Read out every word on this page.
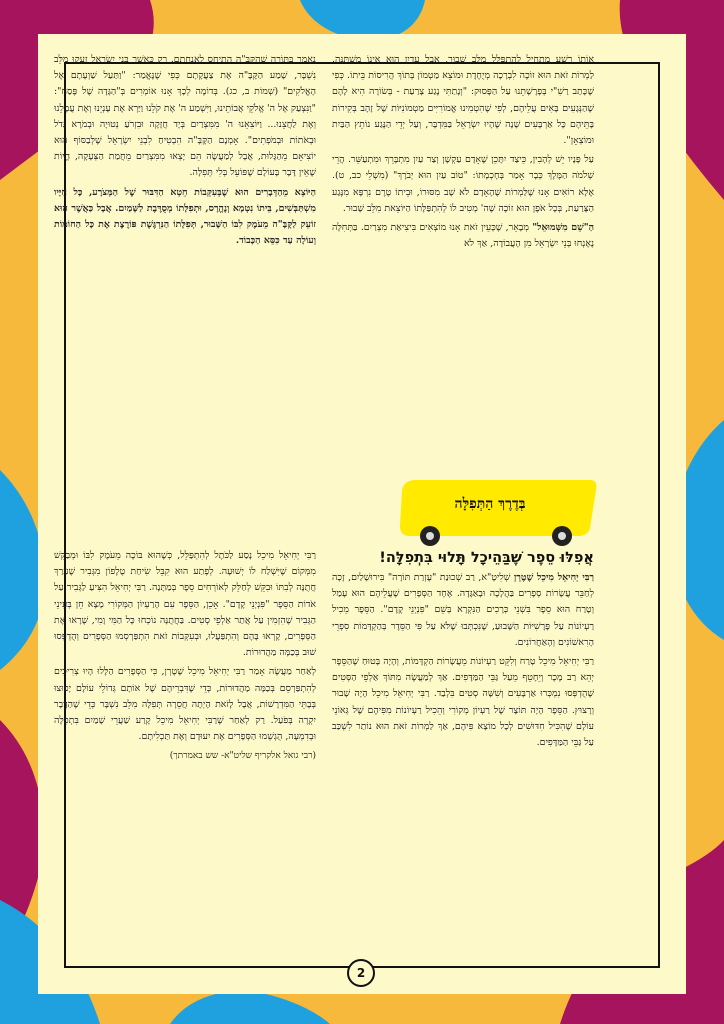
אוֹתוֹ רָשָׁע מַתְחִיל לְהִתְפַּלֵּל מִלֵּב שָׁבוּר, אֲבָל עֲדַיִן הוּא אֵינוֹ מִשְׁתַּנֶּה. לַמְרוֹת זֹאת הוּא זוֹכֶה לִבְרָכָה מְיֻחֶדֶת וּמוֹצֵא מַטְמוֹן בְּתוֹךְ הֲרִיסוֹת בֵּיתוֹ. כְּפִי שֶׁכָּתַב רַשִׁ"י בְּפָרָשָׁתֵנוּ עַל הַפָּסוּק: "וְנָתַתִּי נֶגַע צָרַעַת - בְּשׂוֹרָה הִיא לָהֶם שֶׁהַנְּגָעִים בָּאִים עֲלֵיהֶם, לְפִי שֶׁהִטְמִינוּ אֱמוֹרִיִּים מַטְמוֹנִיּוֹת שֶׁל זָהָב בְּקִירוֹת בָּתֵּיהֶם כָּל אַרְבָּעִים שָׁנָה שֶׁהָיוּ יִשְׂרָאֵל בַּמִּדְבָּר, וְעַל יְדֵי הַנֶּגַע נוֹתֵץ הַבַּיִת וּמוֹצְאָן".

עַל פָּנָיו יֵשׁ לְהָבִין, כֵּיצַד יִתָּכֵן שֶׁאָדָם עַקְשָׁן וְצַר עַיִן מִתְבָּרֵךְ וּמִתְעַשֵּׁר. הֲרֵי שְׁלֹמֹה הַמֶּלֶךְ כְּבָר אָמַר בְּחָכְמָתוֹ: "טוֹב עַיִן הוּא יְבֹרָךְ" (מִשְׁלֵי כב, ט). אֶלָּא רוֹאִים אָנוּ שֶׁלַּמְרוֹת שֶׁהָאָדָם לֹא שָׁב מִסּוּרוֹ, וּבֵיתוֹ טֶרֶם נִרְפָּא מִנֶּגַע הַצָּרַעַת, בְּכָל אֹפֶן הוּא זוֹכֶה שֶׁה' מְטִיב לוֹ לְהִתְפַּלָּתוֹ הַיּוֹצֵאת מִלֵּב שָׁבוּר.

הַ"שֵׁם מִשְּׁמוּאֵל" מְבָאֵר, שֶׁכָּעֵין זֹאת אָנוּ מוֹצְאִים בִּיצִיאַת מִצְרַיִם. בַּתְּחִלָּה נֶאֶנְחוּ בְּנֵי יִשְׂרָאֵל מִן הָעֲבוֹדָה, אַךְ לֹא

נֶאֱמַר בַּתּוֹרָה שֶׁהַקָּבָּ"ה הִתְיַחֵס לְאַנְחָתָם. רַק כַּאֲשֶׁר בְּנֵי יִשְׂרָאֵל זָעֲקוּ מִלֵּב נִשְׁבָּר, שָׁמַע הַקָּבָּ"ה אֶת צַעֲקָתָם כְּפִי שֶׁנֶּאֱמַר: "וַתַּעַל שַׁוְעָתָם אֶל הָאֱלֹקִים" (שְׁמוֹת ב, כג). בְּדוֹמֶה לְכָךְ אָנוּ אוֹמְרִים בְּ"הַגָּדָה שֶׁל פֶּסַח": "וַנִּצְעַק אֶל ה' אֱלֹקֵי אֲבוֹתֵינוּ, וַיִּשְׁמַע ה' אֶת קֹלֵנוּ וַיַּרְא אֶת עָנְיֵנוּ וְאֶת עֲמָלֵנוּ וְאֶת לַחֲצֵנוּ... וַיּוֹצִאֵנוּ ה' מִמִּצְרַיִם בְּיָד חֲזָקָה וּבִזְרֹעַ נְטוּיָה וּבְמֹרָא גָּדֹל וּבְאֹתוֹת וּבְמֹפְתִים". אָמְנָם הַקָּבָּ"ה הִבְטִיחַ לִבְנֵי יִשְׂרָאֵל שֶׁלְּבַסּוֹף הוּא יוֹצִיאָם מֵהַגָּלוּת, אֲבָל לְמַעֲשֶׂה הֵם יָצְאוּ מִמִּצְרַיִם מֵחֲמַת הַצְּעָקָה, הֱיוֹת שֶׁאֵין דָּבָר בָּעוֹלָם שֶׁפּוֹעֵל בְּלִי תְּפִלָּה.

הַיּוֹצֵא מֵהַדְּבָרִים הוּא שֶׁבְּעִקְּבוֹת חֵטְא הַדִּבּוּר שֶׁל הַמְּצֹרָע, כָּל חַיָּיו מִשְׁתַּבְּשִׁים, בֵּיתוֹ נִטְמָא וְנֶהֱרָס, וּתְפִלָּתוֹ מְסֻרֶּבֶת לַשָּׁמַיִם. אֲבָל כַּאֲשֶׁר הוּא זוֹעֵק לַקָּבָּ"ה מֵעֹמֶק לִבּוֹ הַשָּׁבוּר, תְּפִלָּתוֹ הַנִּרְגֶּשֶׁת פּוֹרֶצֶת אֶת כָּל הַחוֹמוֹת וְעוֹלָה עַד כִּסֵּא הַכָּבוֹד.

בְּדֶרֶךְ הַתְּפִלָּה
אֲפִלּוּ סֵפֶר שֶׁבַּהֵיכָל תָּלוּי בִּתְפִלָּה!

רַבִּי יְחִיאֵל מִיכֵל שֶׁטֶרְן שְׁלִיטָ"א, רַב שְׁכוּנַת "עֶזְרַת תּוֹרָה" בִּירוּשָׁלַיִם, זָכָה לְחַבֵּר עֲשָׂרוֹת סְפָרִים בַּהֲלָכָה וּבָאַגָּדָה. אֶחָד הַסְּפָרִים שֶׁעֲלֵיהֶם הוּא עָמַל וְטָרַח הוּא סֵפֶר בִּשְׁנֵי כְּרָכִים הַנִּקְרָא בְּשֵׁם "פִּנְיְנֵי קֶדֶם". הַסֵּפֶר מֵכִיל רַעְיוֹנוֹת עַל פָּרָשִׁיּוֹת הַשָּׁבוּעַ, שֶׁנִּכְתְּבוּ שֶׁלֹּא עַל פִּי הַסֵּדֶר בְּהַקְדָּמוֹת סִפְרֵי הָרִאשׁוֹנִים וְהָאַחֲרוֹנִים.

רַבִּי יְחִיאֵל מִיכֵל טָרַח וְלִקֵּט רַעְיוֹנוֹת מֵעֲשָׂרוֹת הַקְדָּמוֹת, וְהָיָה בָּטוּחַ שֶׁהַסֵּפֶר יְהֵא רַב מֶכֶר וְיֵחָטֵף מֵעַל גַּבֵּי הַמַּדָּפִים. אַךְ לְמַעֲשֶׂה מִתּוֹךְ אַלְפֵי הַסְּטִים שֶׁהֻדְפְּסוּ נִמְכְּרוּ אַרְבָּעִים וְשִׁשָּׁה סְטִים בִּלְבַד. רַבִּי יְחִיאֵל מִיכֵל הָיָה שָׁבוּר וְרָצוּץ. הַסֵּפֶר הָיָה תּוֹצָר שֶׁל רַעְיוֹן מְקוֹרִי וְהֵכִיל רַעְיוֹנוֹת מִפִּיהֶם שֶׁל גְּאוֹנֵי עוֹלָם שֶׁהִכִּיל חִדּוּשִׁים לְכָל מוֹצָא פִּיהֶם, אַךְ לַמְרוֹת זֹאת הוּא נוֹתַר לִשְׁכַּב עַל גַּבֵּי הַמַּדָּפִים.

רַבִּי יְחִיאֵל מִיכֵל נָסַע לַכֹּתֶל לְהִתְפַּלֵּל, כְּשֶׁהוּא בּוֹכֶה מֵעֹמֶק לִבּוֹ וּמְבַקֵּשׁ מִמְּקוֹם שֶׁיִּשְׁלַח לוֹ יְשׁוּעָה. לְפֶתַע הוּא קִבֵּל שִׂיחַת טֶלֶפוֹן מִגְּבִיר שֶׁעָרַךְ חֲתֻנָּה לְבִתּוֹ וּבִקֵּשׁ לְחַלֵּק לְאוֹרְחִים סֵפֶר בְּמַתָּנָה. רַבִּי יְחִיאֵל הִצִּיעַ לַגְּבִיר עַל אֹדוֹת הַסֵּפֶר "פִּנְיְנֵי קֶדֶם". אָכֵן, הַסֵּפֶר עִם הָרַעְיוֹן הַמְּקוֹרִי מָצָא חֵן בְּעֵינֵי הַגְּבִיר שֶׁהִזְמִין עַל אֲתַר אַלְפֵי סְטִים. בַּחֲתֻנָּה נוֹכְחוּ כָּל הַמִּי וָמִי, שֶׁרָאוּ אֶת הַסְּפָרִים, קָרְאוּ בָּהֶם וְהִתְפַּעֲלוּ, וּבְעִקְּבוֹת זֹאת הִתְפַּרְסְמוּ הַסְּפָרִים וְהֻדְפְּסוּ שׁוּב בְּכַמָּה מַהֲדוּרוֹת.

לְאַחַר מַעֲשֶׂה אָמַר רַבִּי יְחִיאֵל מִיכֵל שֶׁטֶרְן, כִּי הַסְּפָרִים הַלָּלוּ הָיוּ צְרִיכִים לְהִתְפַּרְסֵם בְּכַמָּה מַהֲדוּרוֹת, כְּדֵי שֶׁדִּבְרֵיהֶם שֶׁל אוֹתָם גְּדוֹלֵי עוֹלָם יָפוּצוּ בְּבָתֵּי הַמִּדְרָשׁוֹת, אֲבָל לָזֹאת הָיְתָה חֲסֵרָה תְּפִלָּה מִלֵּב נִשְׁבָּר כְּדֵי שֶׁהַדָּבָר יִקְרֶה בְּפֹעַל. רַק לְאַחַר שֶׁרַבִּי יְחִיאֵל מִיכֵל קָרַע שַׁעֲרֵי שָׁמַיִם בִּתְפִלָּה וּבְדִמְעָה, הֻגְשְׁמוּ הַסְּפָרִים אֶת יִעוּדָם וְאֶת תַּכְלִיתָם.

(רבי גואל אלקריף שליט"א- שש באמרתך)

2
